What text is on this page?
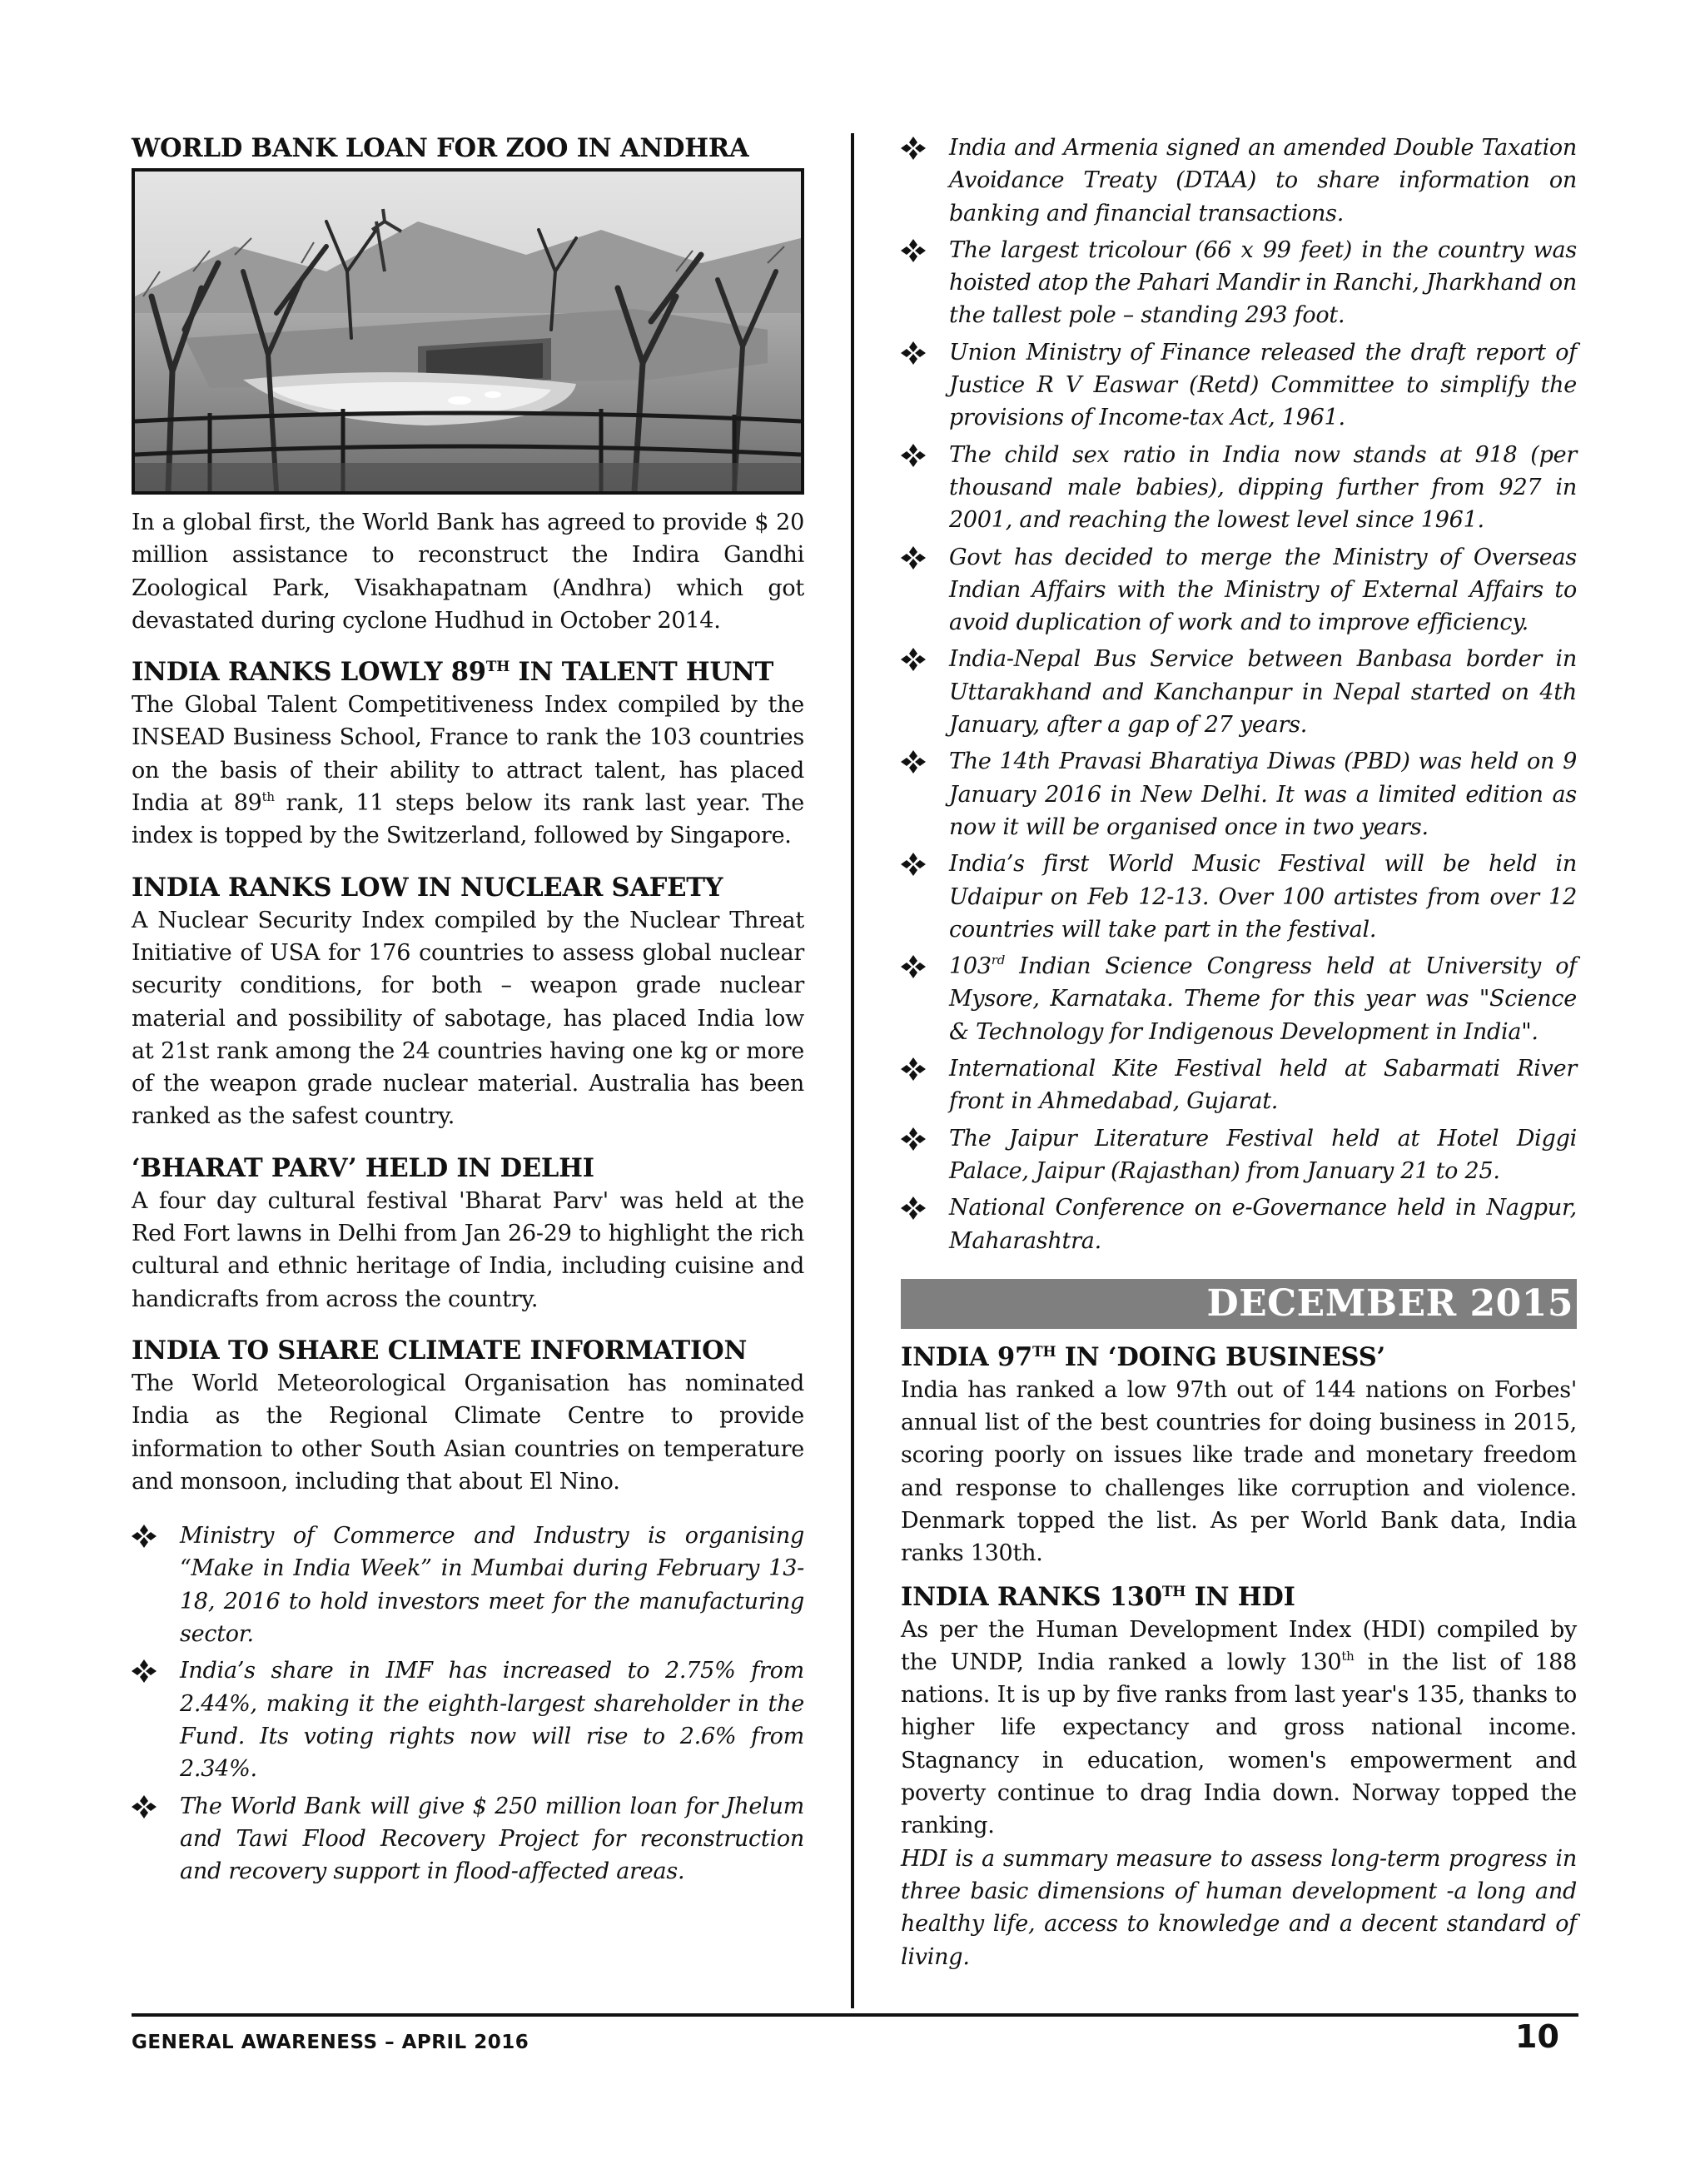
WORLD BANK LOAN FOR ZOO IN ANDHRA

In a global first, the World Bank has agreed to provide $ 20 million assistance to reconstruct the Indira Gandhi Zoological Park, Visakhapatnam (Andhra) which got devastated during cyclone Hudhud in October 2014.

INDIA RANKS LOWLY 89TH IN TALENT HUNT

The Global Talent Competitiveness Index compiled by the INSEAD Business School, France to rank the 103 countries on the basis of their ability to attract talent, has placed India at 89th rank, 11 steps below its rank last year. The index is topped by the Switzerland, followed by Singapore.

INDIA RANKS LOW IN NUCLEAR SAFETY

A Nuclear Security Index compiled by the Nuclear Threat Initiative of USA for 176 countries to assess global nuclear security conditions, for both – weapon grade nuclear material and possibility of sabotage, has placed India low at 21st rank among the 24 countries having one kg or more of the weapon grade nuclear material. Australia has been ranked as the safest country.

‘BHARAT PARV’ HELD IN DELHI

A four day cultural festival 'Bharat Parv' was held at the Red Fort lawns in Delhi from Jan 26-29 to highlight the rich cultural and ethnic heritage of India, including cuisine and handicrafts from across the country.

INDIA TO SHARE CLIMATE INFORMATION

The World Meteorological Organisation has nominated India as the Regional Climate Centre to provide information to other South Asian countries on temperature and monsoon, including that about El Nino.

Ministry of Commerce and Industry is organising “Make in India Week” in Mumbai during February 13-18, 2016 to hold investors meet for the manufacturing sector.
India’s share in IMF has increased to 2.75% from 2.44%, making it the eighth-largest shareholder in the Fund. Its voting rights now will rise to 2.6% from 2.34%.
The World Bank will give $ 250 million loan for Jhelum and Tawi Flood Recovery Project for reconstruction and recovery support in flood-affected areas.
India and Armenia signed an amended Double Taxation Avoidance Treaty (DTAA) to share information on banking and financial transactions.
The largest tricolour (66 x 99 feet) in the country was hoisted atop the Pahari Mandir in Ranchi, Jharkhand on the tallest pole – standing 293 foot.
Union Ministry of Finance released the draft report of Justice R V Easwar (Retd) Committee to simplify the provisions of Income-tax Act, 1961.
The child sex ratio in India now stands at 918 (per thousand male babies), dipping further from 927 in 2001, and reaching the lowest level since 1961.
Govt has decided to merge the Ministry of Overseas Indian Affairs with the Ministry of External Affairs to avoid duplication of work and to improve efficiency.
India-Nepal Bus Service between Banbasa border in Uttarakhand and Kanchanpur in Nepal started on 4th January, after a gap of 27 years.
The 14th Pravasi Bharatiya Diwas (PBD) was held on 9 January 2016 in New Delhi. It was a limited edition as now it will be organised once in two years.
India’s first World Music Festival will be held in Udaipur on Feb 12-13. Over 100 artistes from over 12 countries will take part in the festival.
103rd Indian Science Congress held at University of Mysore, Karnataka. Theme for this year was "Science & Technology for Indigenous Development in India".
International Kite Festival held at Sabarmati River front in Ahmedabad, Gujarat.
The Jaipur Literature Festival held at Hotel Diggi Palace, Jaipur (Rajasthan) from January 21 to 25.
National Conference on e-Governance held in Nagpur, Maharashtra.
DECEMBER 2015
INDIA 97TH IN ‘DOING BUSINESS’

India has ranked a low 97th out of 144 nations on Forbes' annual list of the best countries for doing business in 2015, scoring poorly on issues like trade and monetary freedom and response to challenges like corruption and violence. Denmark topped the list. As per World Bank data, India ranks 130th.

INDIA RANKS 130TH IN HDI

As per the Human Development Index (HDI) compiled by the UNDP, India ranked a lowly 130th in the list of 188 nations. It is up by five ranks from last year's 135, thanks to higher life expectancy and gross national income. Stagnancy in education, women's empowerment and poverty continue to drag India down. Norway topped the ranking.

HDI is a summary measure to assess long-term progress in three basic dimensions of human development -a long and healthy life, access to knowledge and a decent standard of living.

GENERAL AWARENESS – APRIL 2016	10
